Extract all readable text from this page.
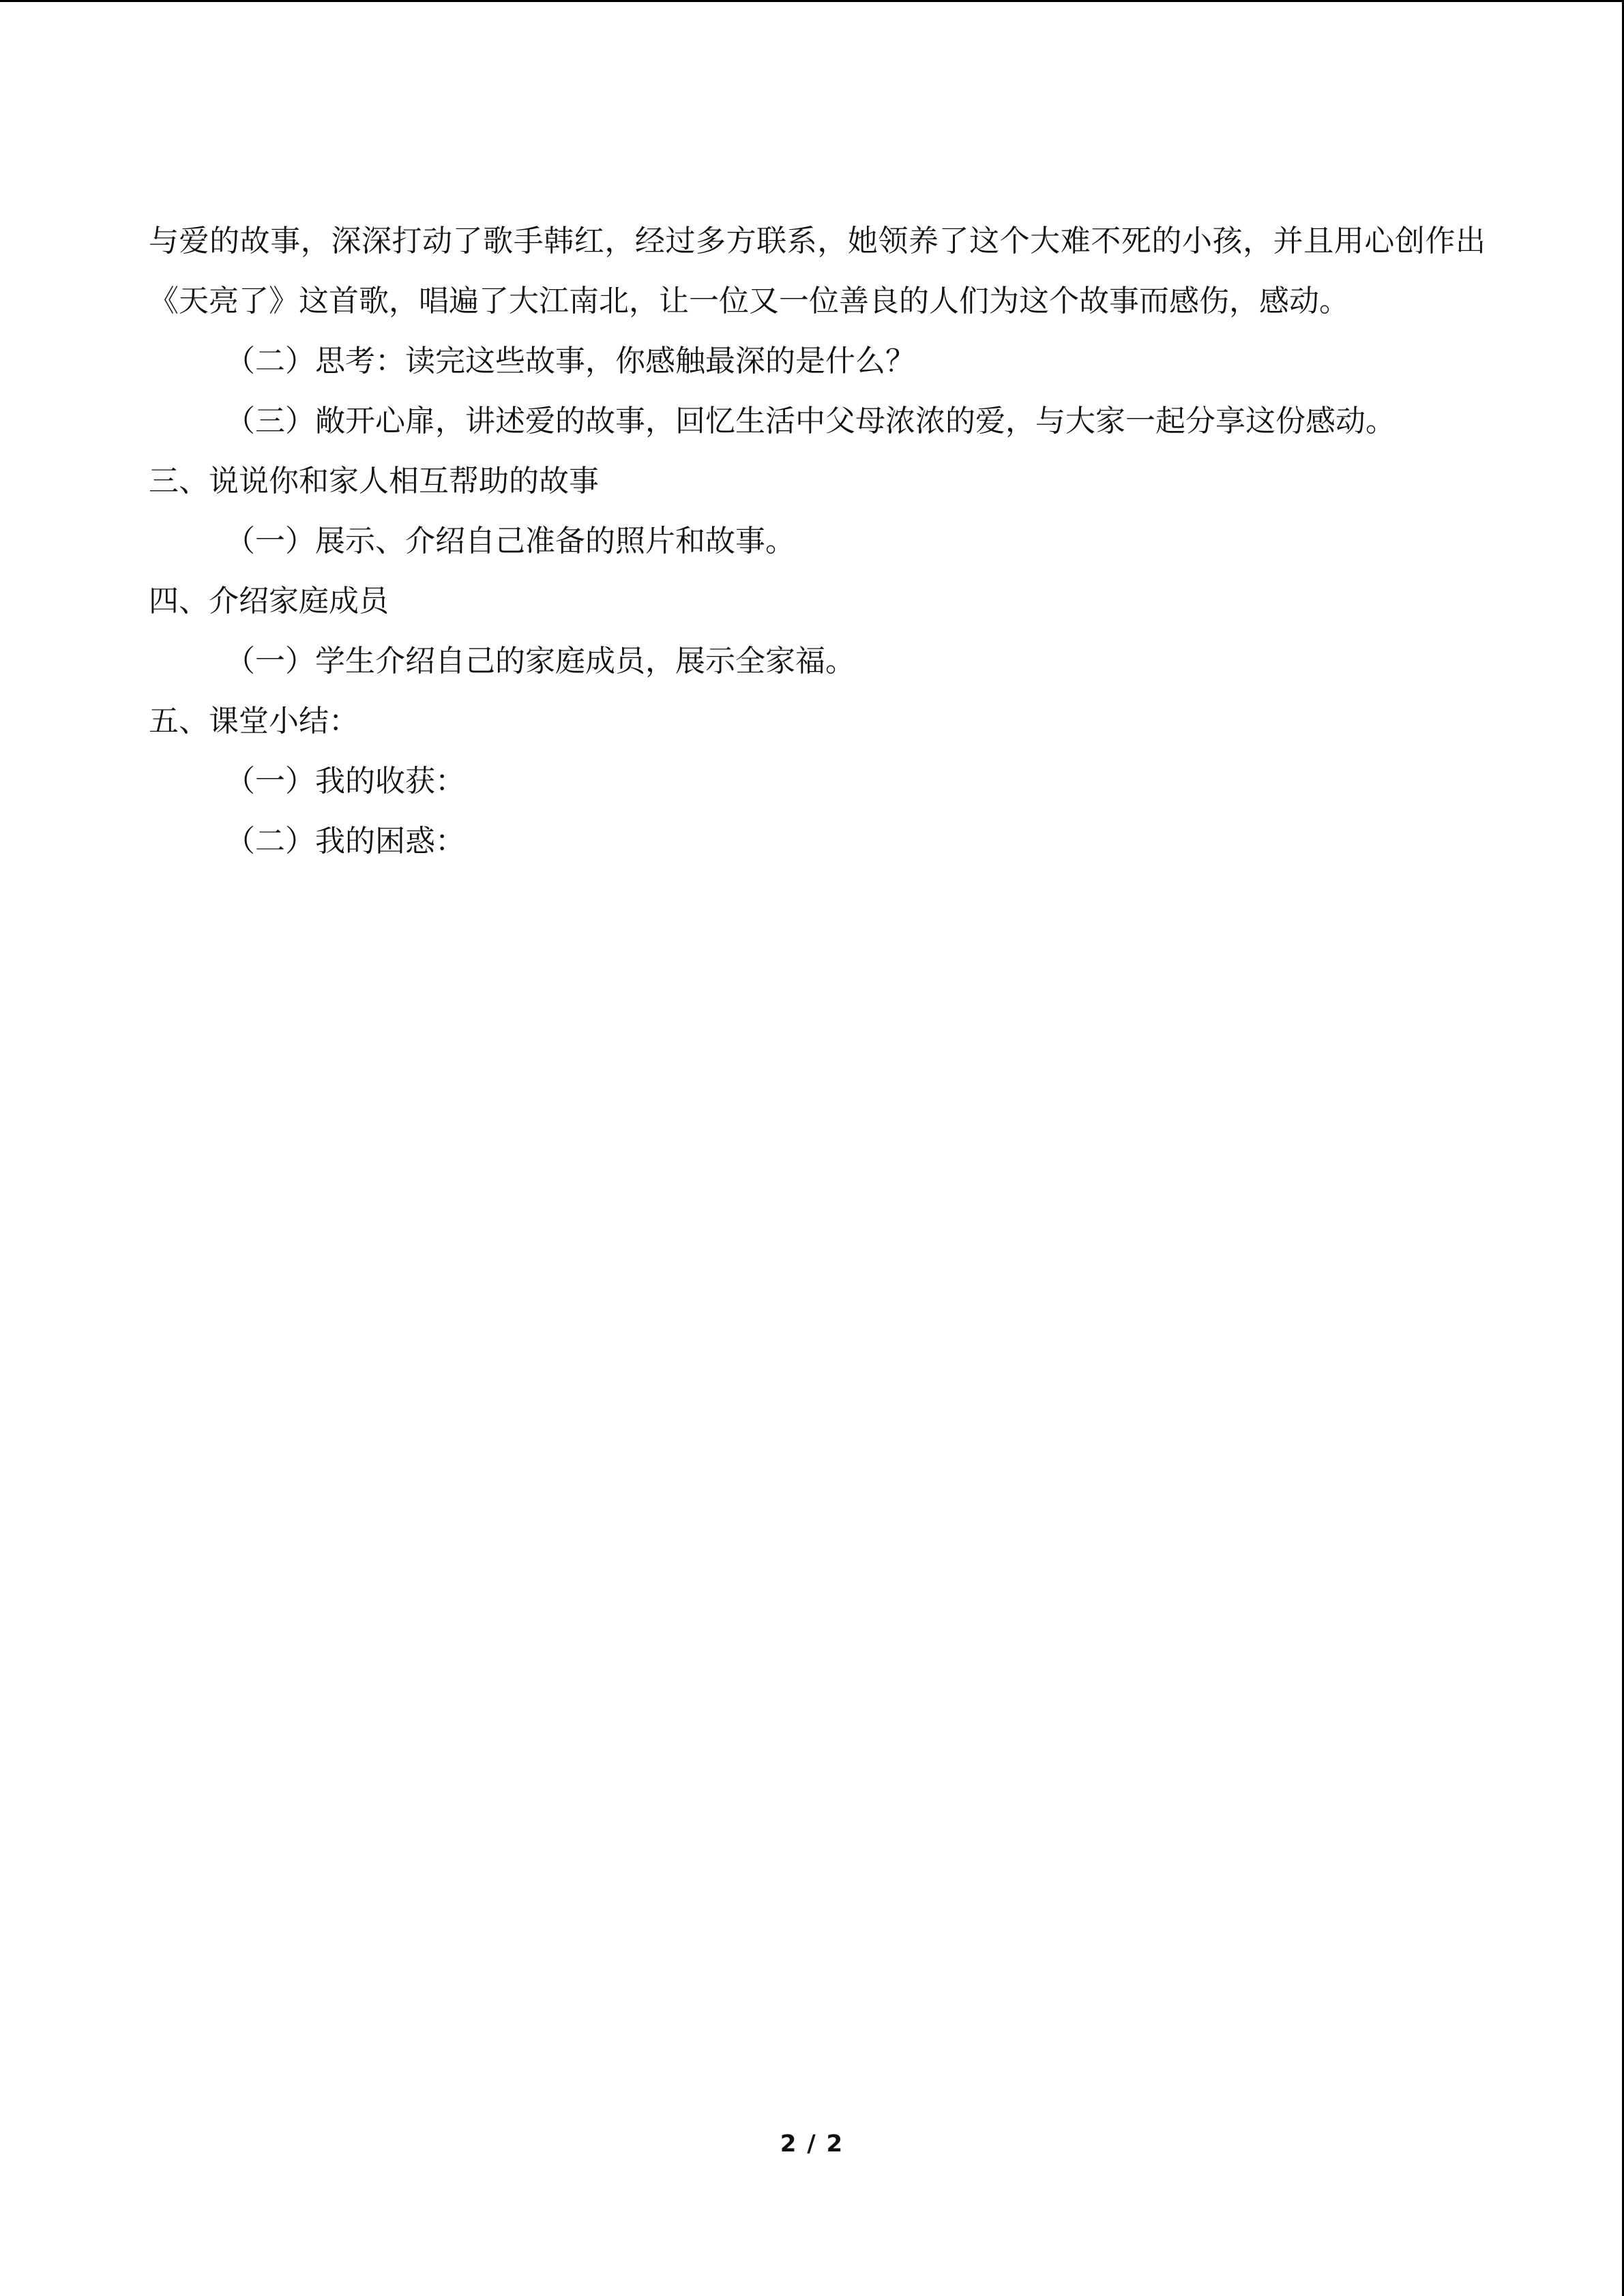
与爱的故事，深深打动了歌手韩红，经过多方联系，她领养了这个大难不死的小孩，并且用心创作出《天亮了》这首歌，唱遍了大江南北，让一位又一位善良的人们为这个故事而感伤，感动。

（二）思考：读完这些故事，你感触最深的是什么？

（三）敞开心扉，讲述爱的故事，回忆生活中父母浓浓的爱，与大家一起分享这份感动。

三、说说你和家人相互帮助的故事

（一）展示、介绍自己准备的照片和故事。

四、介绍家庭成员

（一）学生介绍自己的家庭成员，展示全家福。

五、课堂小结：

（一）我的收获：

（二）我的困惑：

2 / 2
